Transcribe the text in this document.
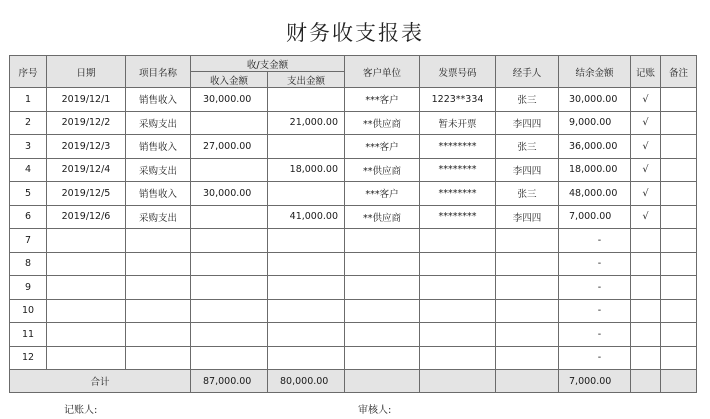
财务收支报表
序号	日期	项目名称	收/支金额		客户单位	发票号码	经手人	结余金额	记账	备注
			收入金额	支出金额						
1	2019/12/1	销售收入	30,000.00		***客户	1223**334	张三	30,000.00	√	
2	2019/12/2	采购支出		21,000.00	**供应商	暂未开票	李四四	9,000.00	√	
3	2019/12/3	销售收入	27,000.00		***客户	********	张三	36,000.00	√	
4	2019/12/4	采购支出		18,000.00	**供应商	********	李四四	18,000.00	√	
5	2019/12/5	销售收入	30,000.00		***客户	********	张三	48,000.00	√	
6	2019/12/6	采购支出		41,000.00	**供应商	********	李四四	7,000.00	√	
7								-		
8								-		
9								-		
10								-		
11								-		
12								-		
合计			87,000.00	80,000.00				7,000.00		
记账人:	审核人:
